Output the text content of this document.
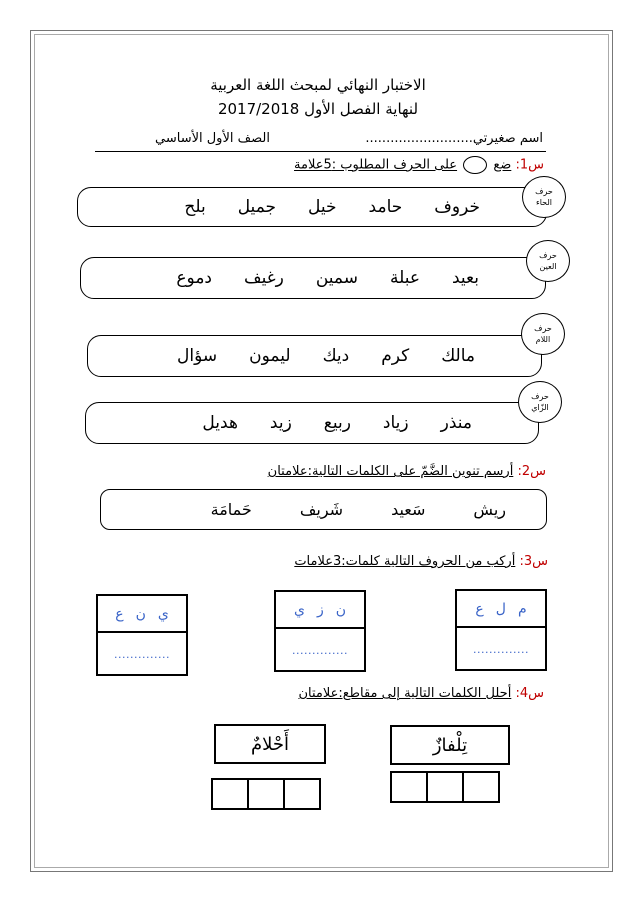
الاختبار النهائي لمبحث اللغة العربية
لنهاية الفصل الأول 2017/2018
اسم صغيرتي..........................
الصف الأول الأساسي
س1: ضع  على الحرف المطلوب :5علامة
خروف
حامد
خيل
جميل
بلح
حرف
الحاء
بعيد
عبلة
سمين
رغيف
دموع
حرف
العين
مالك
كرم
ديك
ليمون
سؤال
حرف
اللام
منذر
زياد
ربيع
زيد
هديل
حرف
الزّاي
س2: أرسم تنوين الضَّمّ على الكلمات التالية:علامتان
ريش
سَعيد
شَريف
حَمامَة
س3: أركب من الحروف التالية كلمات:3علامات
م
ل
ع
..............
ن
ز
ي
..............
ي
ن
ع
..............
س4: أحلل الكلمات التالية إلى مقاطع:علامتان
تِلْفازٌ
أَحْلامٌ
